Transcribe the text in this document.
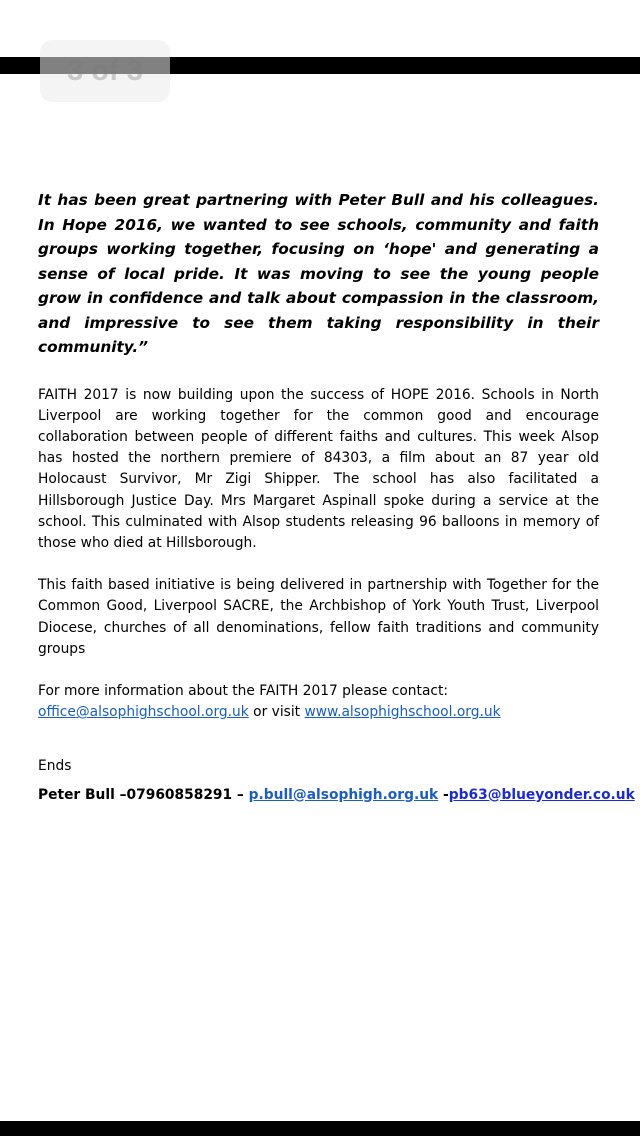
3 of 3

It has been great partnering with Peter Bull and his colleagues. In Hope 2016, we wanted to see schools, community and faith groups working together, focusing on ‘hope' and generating a sense of local pride. It was moving to see the young people grow in confidence and talk about compassion in the classroom, and impressive to see them taking responsibility in their community.”

FAITH 2017 is now building upon the success of HOPE 2016. Schools in North Liverpool are working together for the common good and encourage collaboration between people of different faiths and cultures. This week Alsop has hosted the northern premiere of 84303, a film about an 87 year old Holocaust Survivor, Mr Zigi Shipper. The school has also facilitated a Hillsborough Justice Day. Mrs Margaret Aspinall spoke during a service at the school. This culminated with Alsop students releasing 96 balloons in memory of those who died at Hillsborough.

This faith based initiative is being delivered in partnership with Together for the Common Good, Liverpool SACRE, the Archbishop of York Youth Trust, Liverpool Diocese, churches of all denominations, fellow faith traditions and community groups

For more information about the FAITH 2017 please contact:
office@alsophighschool.org.uk or visit www.alsophighschool.org.uk

Ends

Peter Bull –07960858291 – p.bull@alsophigh.org.uk -pb63@blueyonder.co.uk
